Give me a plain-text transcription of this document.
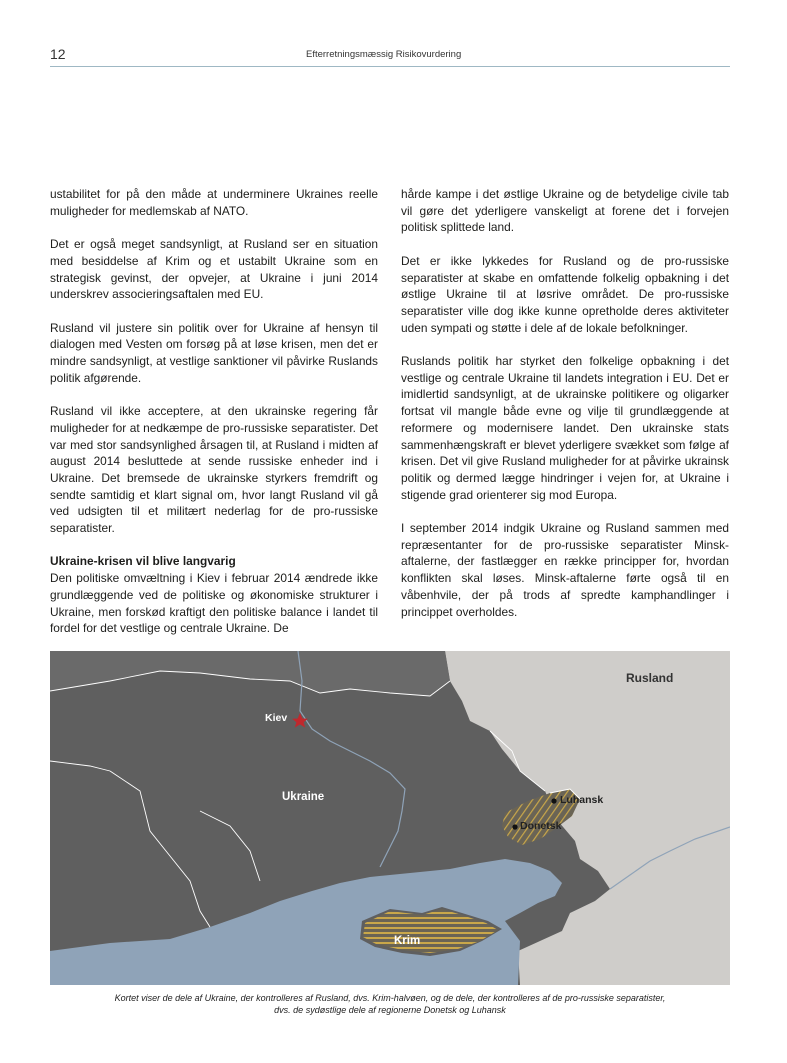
12	Efterretningsmæssig Risikovurdering

ustabilitet for på den måde at underminere Ukraines reelle muligheder for medlemskab af NATO.

Det er også meget sandsynligt, at Rusland ser en situation med besiddelse af Krim og et ustabilt Ukraine som en strategisk gevinst, der opvejer, at Ukraine i juni 2014 underskrev associeringsaftalen med EU.

Rusland vil justere sin politik over for Ukraine af hensyn til dialogen med Vesten om forsøg på at løse krisen, men det er mindre sandsynligt, at vestlige sanktioner vil påvirke Ruslands politik afgørende.

Rusland vil ikke acceptere, at den ukrainske regering får muligheder for at nedkæmpe de pro-russiske separatister. Det var med stor sandsynlighed årsagen til, at Rusland i midten af august 2014 besluttede at sende russiske enheder ind i Ukraine. Det bremsede de ukrainske styrkers fremdrift og sendte samtidig et klart signal om, hvor langt Rusland vil gå ved udsigten til et militært nederlag for de pro-russiske separatister.

Ukraine-krisen vil blive langvarig

Den politiske omvæltning i Kiev i februar 2014 ændrede ikke grundlæggende ved de politiske og økonomiske strukturer i Ukraine, men forskød kraftigt den politiske balance i landet til fordel for det vestlige og centrale Ukraine. De

hårde kampe i det østlige Ukraine og de betydelige civile tab vil gøre det yderligere vanskeligt at forene det i forvejen politisk splittede land.

Det er ikke lykkedes for Rusland og de pro-russiske separatister at skabe en omfattende folkelig opbakning i det østlige Ukraine til at løsrive området. De pro-russiske separatister ville dog ikke kunne opretholde deres aktiviteter uden sympati og støtte i dele af de lokale befolkninger.

Ruslands politik har styrket den folkelige opbakning i det vestlige og centrale Ukraine til landets integration i EU. Det er imidlertid sandsynligt, at de ukrainske politikere og oligarker fortsat vil mangle både evne og vilje til grundlæggende at reformere og modernisere landet. Den ukrainske stats sammenhængskraft er blevet yderligere svækket som følge af krisen. Det vil give Rusland muligheder for at påvirke ukrainsk politik og dermed lægge hindringer i vejen for, at Ukraine i stigende grad orienterer sig mod Europa.

I september 2014 indgik Ukraine og Rusland sammen med repræsentanter for de pro-russiske separatister Minsk-aftalerne, der fastlægger en række principper for, hvordan konflikten skal løses. Minsk-aftalerne førte også til en våbenhvile, der på trods af spredte kamphandlinger i princippet overholdes.

Rusland
Kiev
Ukraine	Luhansk
Donetsk
Krim
Kortet viser de dele af Ukraine, der kontrolleres af Rusland, dvs. Krim-halvøen, og de dele, der kontrolleres af de pro-russiske separatister,
dvs. de sydøstlige dele af regionerne Donetsk og Luhansk
